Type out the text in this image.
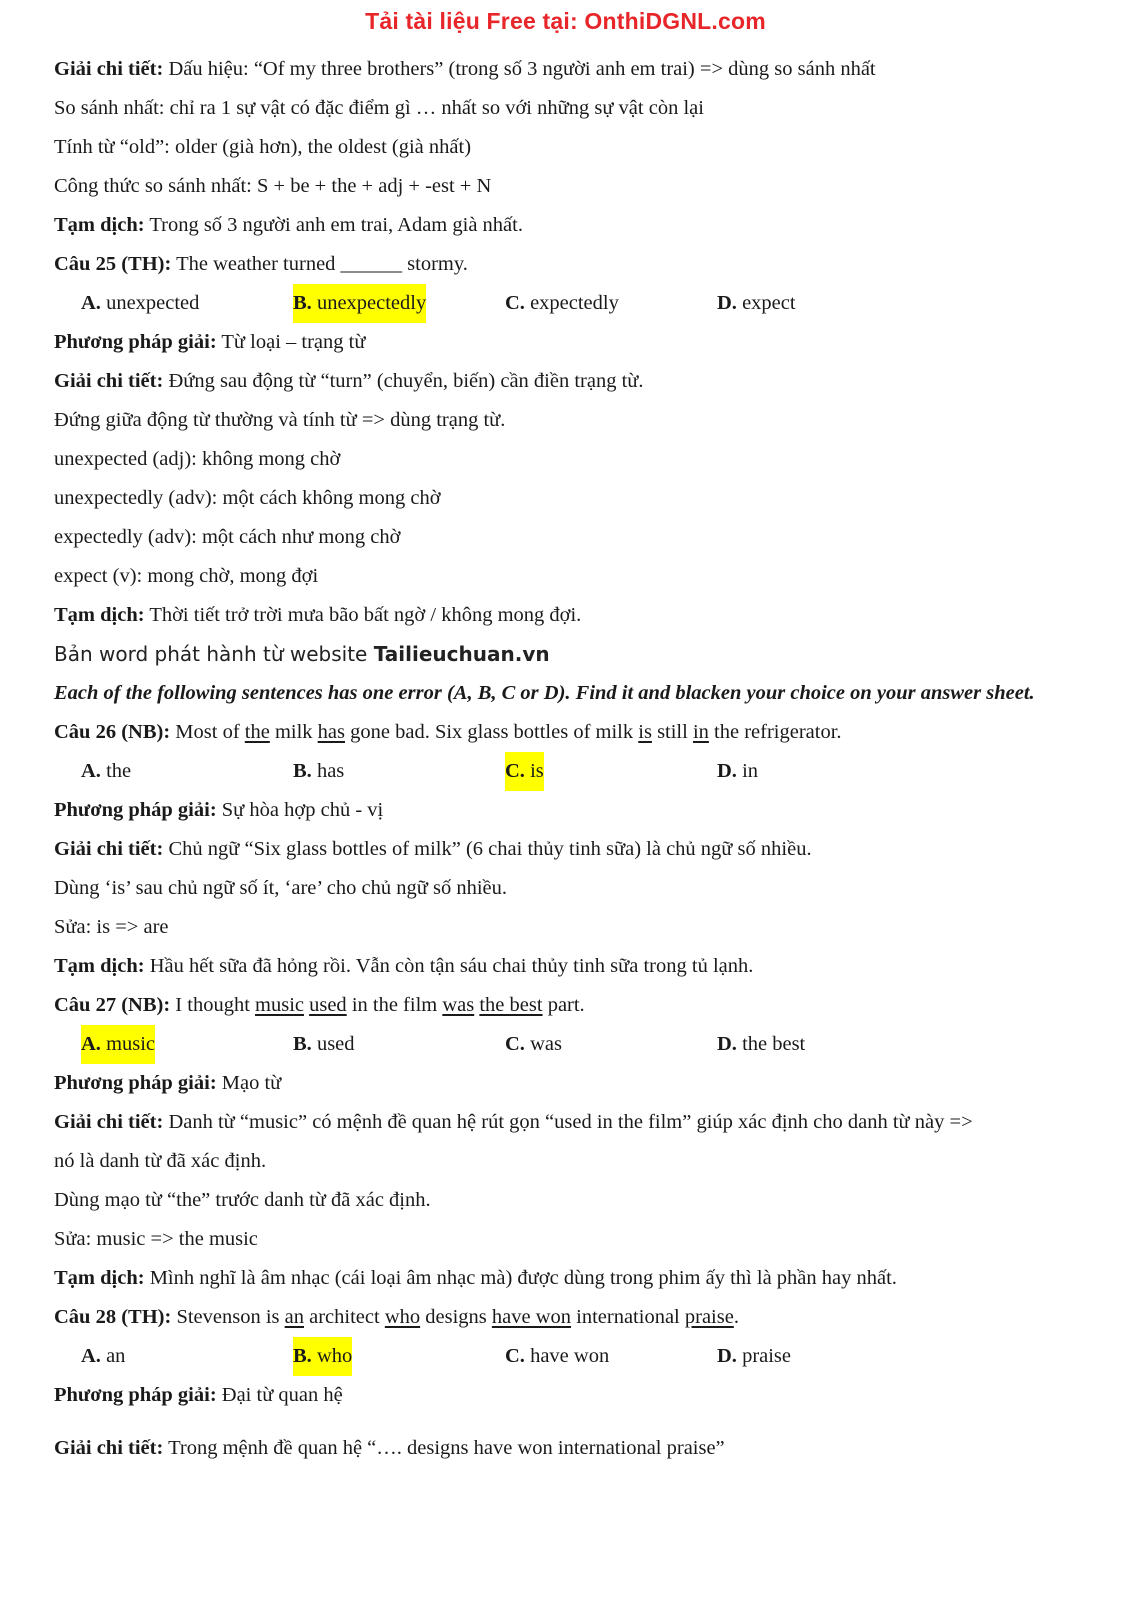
Tải tài liệu Free tại: OnthiDGNL.com
Giải chi tiết: Dấu hiệu: “Of my three brothers” (trong số 3 người anh em trai) => dùng so sánh nhất
So sánh nhất: chỉ ra 1 sự vật có đặc điểm gì … nhất so với những sự vật còn lại
Tính từ “old”: older (già hơn), the oldest (già nhất)
Công thức so sánh nhất: S + be + the + adj + -est + N
Tạm dịch: Trong số 3 người anh em trai, Adam già nhất.
Câu 25 (TH): The weather turned ______ stormy.
A. unexpected	B. unexpectedly	C. expectedly	D. expect
Phương pháp giải: Từ loại – trạng từ
Giải chi tiết: Đứng sau động từ “turn” (chuyển, biến) cần điền trạng từ.
Đứng giữa động từ thường và tính từ => dùng trạng từ.
unexpected (adj): không mong chờ
unexpectedly (adv): một cách không mong chờ
expectedly (adv): một cách như mong chờ
expect (v): mong chờ, mong đợi
Tạm dịch: Thời tiết trở trời mưa bão bất ngờ / không mong đợi.
Bản word phát hành từ website Tailieuchuan.vn
Each of the following sentences has one error (A, B, C or D). Find it and blacken your choice on your answer sheet.
Câu 26 (NB): Most of the milk has gone bad. Six glass bottles of milk is still in the refrigerator.
A. the	B. has	C. is	D. in
Phương pháp giải: Sự hòa hợp chủ - vị
Giải chi tiết: Chủ ngữ “Six glass bottles of milk” (6 chai thủy tinh sữa) là chủ ngữ số nhiều.
Dùng ‘is’ sau chủ ngữ số ít, ‘are’ cho chủ ngữ số nhiều.
Sửa: is => are
Tạm dịch: Hầu hết sữa đã hỏng rồi. Vẫn còn tận sáu chai thủy tinh sữa trong tủ lạnh.
Câu 27 (NB): I thought music used in the film was the best part.
A. music	B. used	C. was	D. the best
Phương pháp giải: Mạo từ
Giải chi tiết: Danh từ “music” có mệnh đề quan hệ rút gọn “used in the film” giúp xác định cho danh từ này =>
nó là danh từ đã xác định.
Dùng mạo từ “the” trước danh từ đã xác định.
Sửa: music => the music
Tạm dịch: Mình nghĩ là âm nhạc (cái loại âm nhạc mà) được dùng trong phim ấy thì là phần hay nhất.
Câu 28 (TH): Stevenson is an architect who designs have won international praise.
A. an	B. who	C. have won	D. praise
Phương pháp giải: Đại từ quan hệ
Giải chi tiết: Trong mệnh đề quan hệ “…. designs have won international praise”
